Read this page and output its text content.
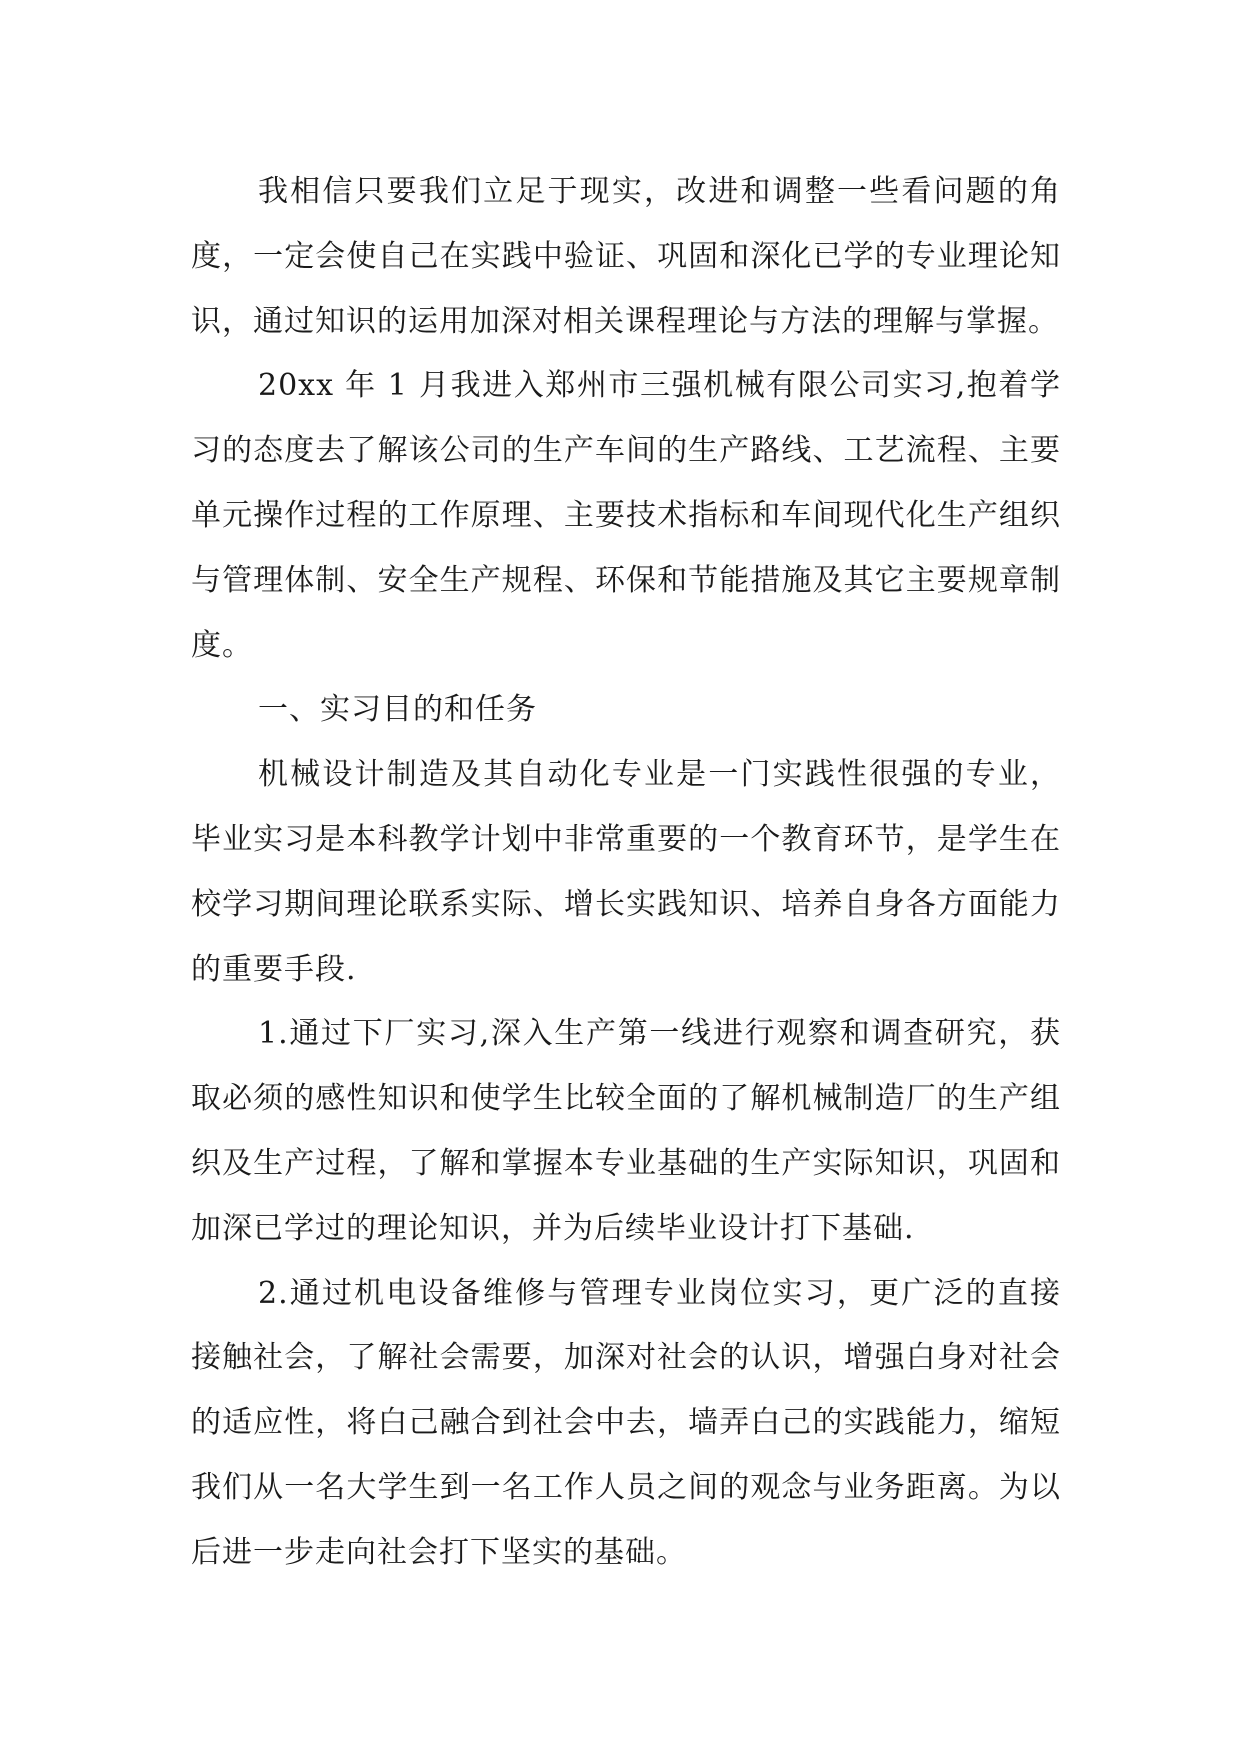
我相信只要我们立足于现实，改进和调整一些看问题的角度，一定会使自己在实践中验证、巩固和深化已学的专业理论知识，通过知识的运用加深对相关课程理论与方法的理解与掌握。

20xx 年 1 月我进入郑州市三强机械有限公司实习,抱着学习的态度去了解该公司的生产车间的生产路线、工艺流程、主要单元操作过程的工作原理、主要技术指标和车间现代化生产组织与管理体制、安全生产规程、环保和节能措施及其它主要规章制度。

一、实习目的和任务

机械设计制造及其自动化专业是一门实践性很强的专业，毕业实习是本科教学计划中非常重要的一个教育环节，是学生在校学习期间理论联系实际、增长实践知识、培养自身各方面能力的重要手段.

1.通过下厂实习,深入生产第一线进行观察和调查研究，获取必须的感性知识和使学生比较全面的了解机械制造厂的生产组织及生产过程，了解和掌握本专业基础的生产实际知识，巩固和加深已学过的理论知识，并为后续毕业设计打下基础.

2.通过机电设备维修与管理专业岗位实习，更广泛的直接接触社会，了解社会需要，加深对社会的认识，增强白身对社会的适应性，将白己融合到社会中去，墙弄白己的实践能力，缩短我们从一名大学生到一名工作人员之间的观念与业务距离。为以后进一步走向社会打下坚实的基础。
